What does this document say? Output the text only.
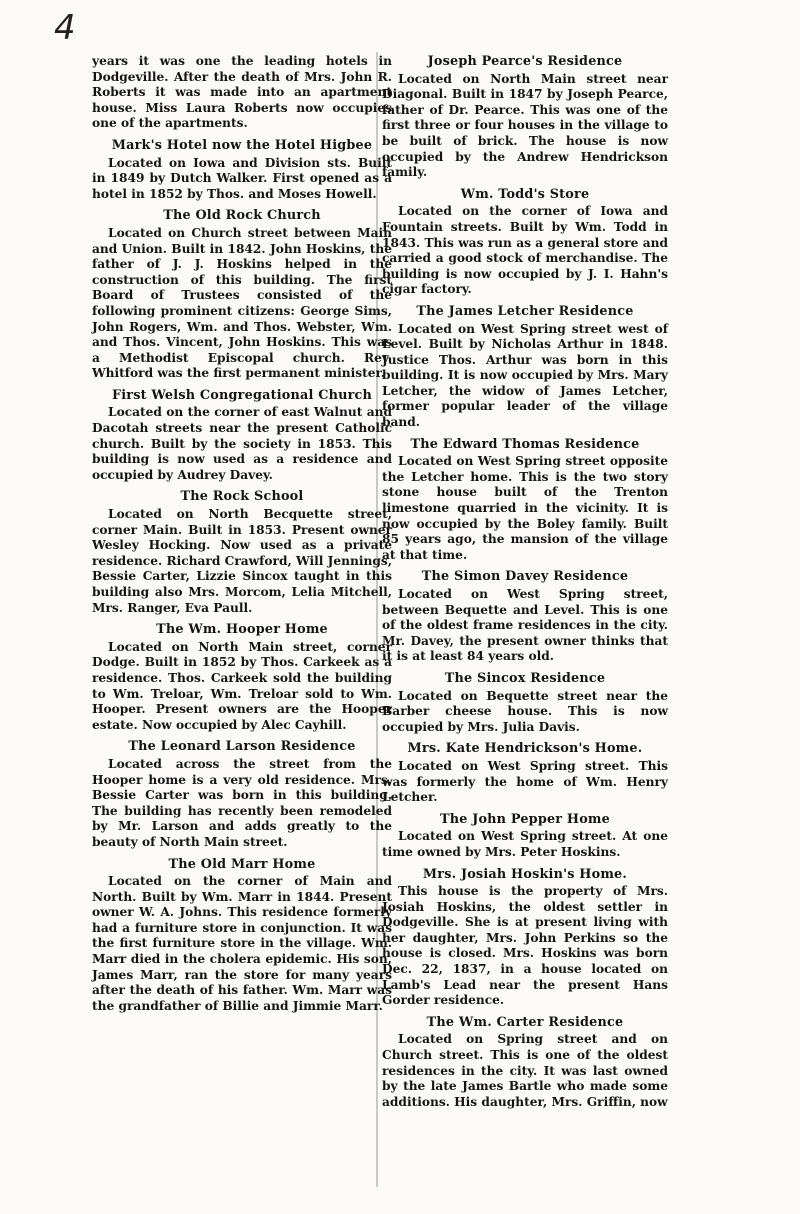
4

years it was one the leading hotels in Dodgeville. After the death of Mrs. John R. Roberts it was made into an apartment house. Miss Laura Roberts now occupies one of the apartments.

Mark's Hotel now the Hotel Higbee

Located on Iowa and Division sts. Built in 1849 by Dutch Walker. First opened as a hotel in 1852 by Thos. and Moses Howell.

The Old Rock Church

Located on Church street between Main and Union. Built in 1842. John Hoskins, the father of J. J. Hoskins helped in the construction of this building. The first Board of Trustees consisted of the following prominent citizens: George Sims, John Rogers, Wm. and Thos. Webster, Wm. and Thos. Vincent, John Hoskins. This was a Methodist Episcopal church. Rev. Whitford was the first permanent minister.

First Welsh Congregational Church

Located on the corner of east Walnut and Dacotah streets near the present Catholic church. Built by the society in 1853. This building is now used as a residence and occupied by Audrey Davey.

The Rock School

Located on North Becquette street, corner Main. Built in 1853. Present owner Wesley Hocking. Now used as a private residence. Richard Crawford, Will Jennings, Bessie Carter, Lizzie Sincox taught in this building also Mrs. Morcom, Lelia Mitchell, Mrs. Ranger, Eva Paull.

The Wm. Hooper Home

Located on North Main street, corner Dodge. Built in 1852 by Thos. Carkeek as a residence. Thos. Carkeek sold the building to Wm. Treloar, Wm. Treloar sold to Wm. Hooper. Present owners are the Hooper estate. Now occupied by Alec Cayhill.

The Leonard Larson Residence

Located across the street from the Hooper home is a very old residence. Mrs. Bessie Carter was born in this building. The building has recently been remodeled by Mr. Larson and adds greatly to the beauty of North Main street.

The Old Marr Home

Located on the corner of Main and North. Built by Wm. Marr in 1844. Present owner W. A. Johns. This residence formerly had a furniture store in conjunction. It was the first furniture store in the village. Wm. Marr died in the cholera epidemic. His son, James Marr, ran the store for many years after the death of his father. Wm. Marr was the grandfather of Billie and Jimmie Marr.

Joseph Pearce's Residence

Located on North Main street near Diagonal. Built in 1847 by Joseph Pearce, father of Dr. Pearce. This was one of the first three or four houses in the village to be built of brick. The house is now occupied by the Andrew Hendrickson family.

Wm. Todd's Store

Located on the corner of Iowa and Fountain streets. Built by Wm. Todd in 1843. This was run as a general store and carried a good stock of merchandise. The building is now occupied by J. I. Hahn's cigar factory.

The James Letcher Residence

Located on West Spring street west of Level. Built by Nicholas Arthur in 1848. Justice Thos. Arthur was born in this building. It is now occupied by Mrs. Mary Letcher, the widow of James Letcher, former popular leader of the village band.

The Edward Thomas Residence

Located on West Spring street opposite the Letcher home. This is the two story stone house built of the Trenton limestone quarried in the vicinity. It is now occupied by the Boley family. Built 85 years ago, the mansion of the village at that time.

The Simon Davey Residence

Located on West Spring street, between Bequette and Level. This is one of the oldest frame residences in the city. Mr. Davey, the present owner thinks that it is at least 84 years old.

The Sincox Residence

Located on Bequette street near the Barber cheese house. This is now occupied by Mrs. Julia Davis.

Mrs. Kate Hendrickson's Home.

Located on West Spring street. This was formerly the home of Wm. Henry Letcher.

The John Pepper Home

Located on West Spring street. At one time owned by Mrs. Peter Hoskins.

Mrs. Josiah Hoskin's Home.

This house is the property of Mrs. Josiah Hoskins, the oldest settler in Dodgeville. She is at present living with her daughter, Mrs. John Perkins so the house is closed. Mrs. Hoskins was born Dec. 22, 1837, in a house located on Lamb's Lead near the present Hans Gorder residence.

The Wm. Carter Residence

Located on Spring street and on Church street. This is one of the oldest residences in the city. It was last owned by the late James Bartle who made some additions. His daughter, Mrs. Griffin, now
